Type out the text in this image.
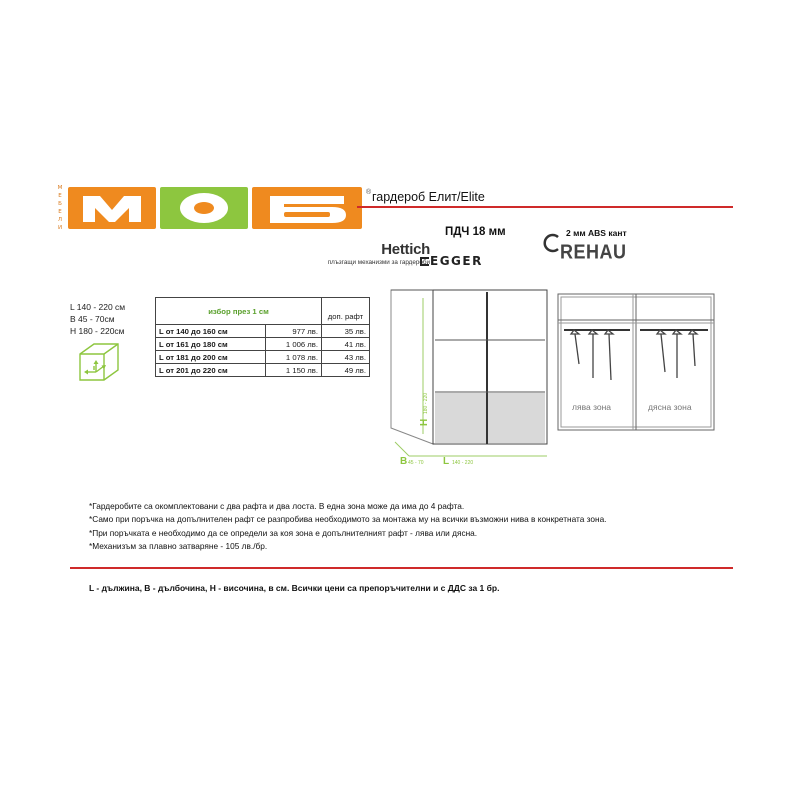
М
Е
Б
Е
Л
И
® гардероб Елит/Elite
Hettich
плъзгащи механизми за гардероби
ПДЧ 18 мм
EGGER
2 мм ABS кант
REHAU
L 140 - 220 см
В 45 - 70см
Н 180 - 220см
избор през 1 см		доп. рафт
L от 140 до 160 см	977 лв.	35 лв.
L от 161 до 180 см	1 006 лв.	41 лв.
L от 181 до 200 см	1 078 лв.	43 лв.
L от 201 до 220 см	1 150 лв.	49 лв.
Н
180 - 220
В 45 - 70 L 140 - 220
лява зона	дясна зона
*Гардеробите са окомплектовани с два рафта и два лоста. В една зона може да има до 4 рафта.
*Само при поръчка на допълнителен рафт се разпробива необходимото за монтажа му на всички възможни нива в конкретната зона.
*При поръчката е необходимо да се определи за коя зона е допълнителният рафт - лява или дясна.
*Механизъм за плавно затваряне - 105 лв./бр.
L - дължина, В - дълбочина, Н - височина, в см. Всички цени са препоръчителни и с ДДС за 1 бр.
